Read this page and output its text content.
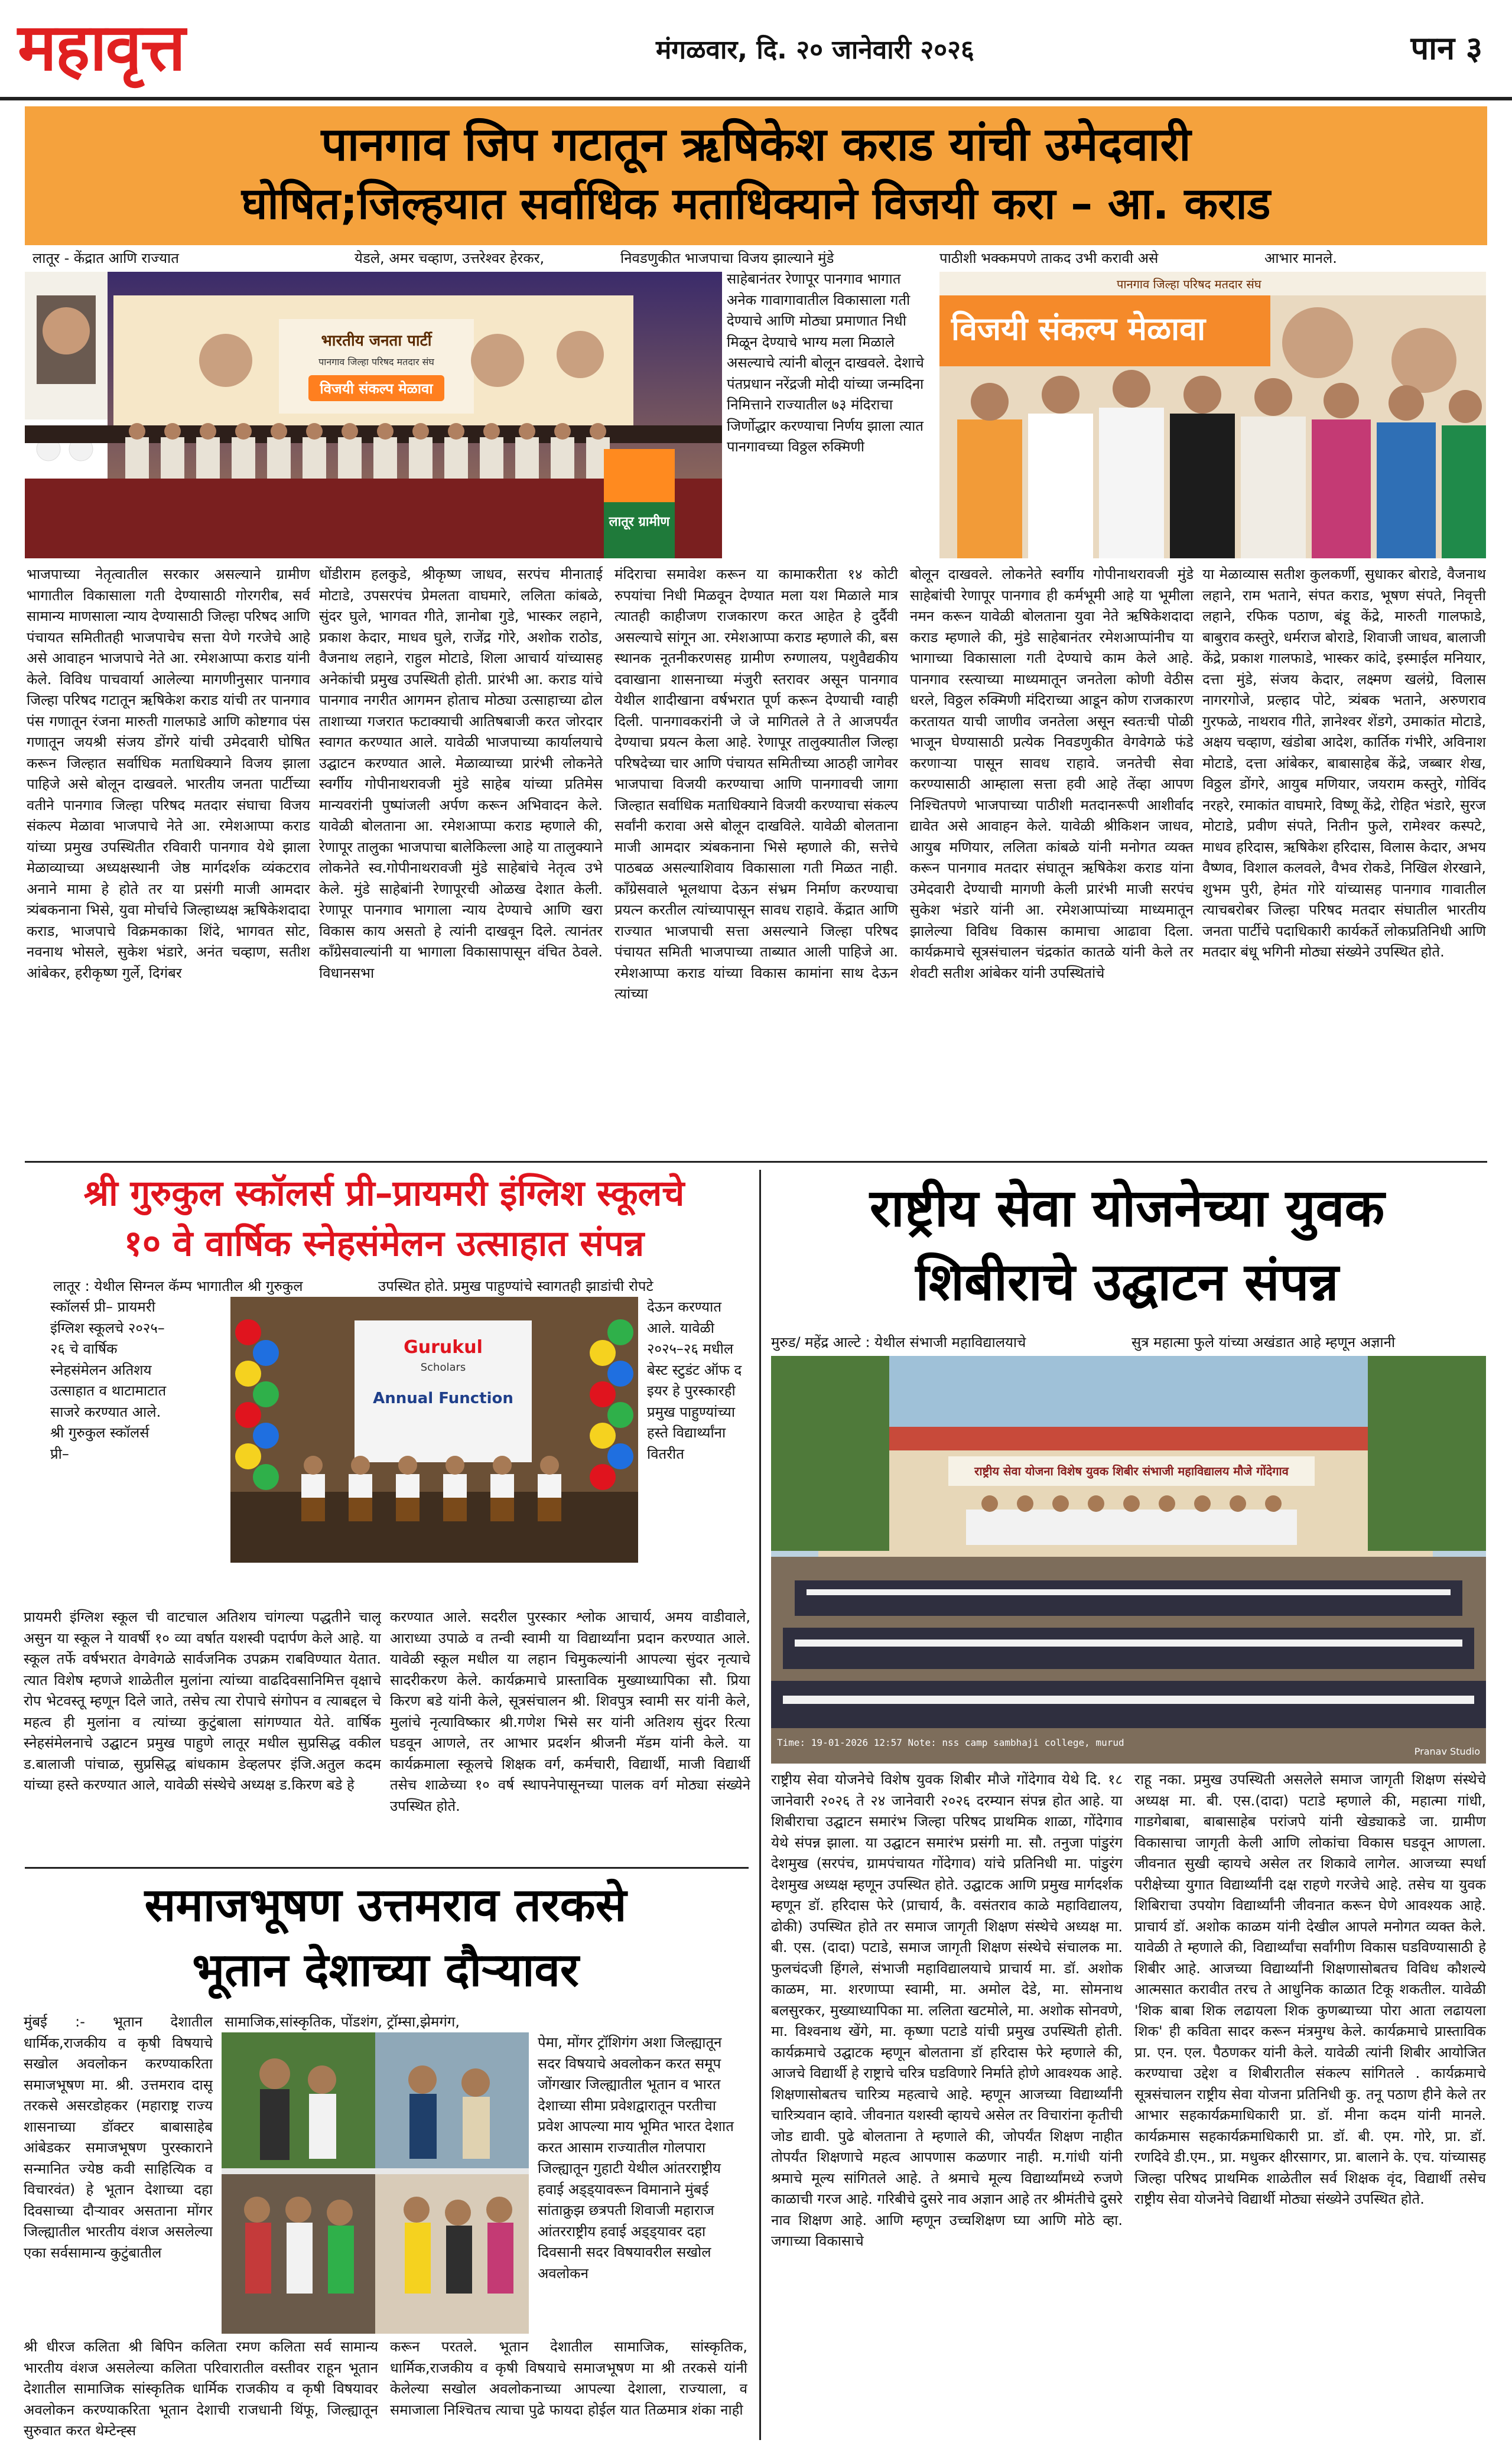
महावृत्त	मंगळवार, दि. २० जानेवारी २०२६	पान ३
पानगाव जिप गटातून ऋषिकेश कराड यांची उमेदवारी
घोषित;जिल्हयात सर्वाधिक मताधिक्याने विजयी करा – आ. कराड
लातूर - केंद्रात आणि राज्यात	येडले, अमर चव्हाण, उत्तरेश्वर हेरकर,	निवडणुकीत भाजपाचा विजय झाल्याने मुंडे
साहेबानंतर रेणापूर पानगाव भागात अनेक गावागावातील विकासाला गती देण्याचे आणि मोठ्या प्रमाणात निधी मिळून देण्याचे भाग्य मला मिळाले असल्याचे त्यांनी बोलून दाखवले. देशाचे पंतप्रधान नरेंद्रजी मोदी यांच्या जन्मदिना निमित्ताने राज्यातील ७३ मंदिराचा जिर्णोद्धार करण्याचा निर्णय झाला त्यात पानगावच्या विठ्ठल रुक्मिणी
पाठीशी भक्कमपणे ताकद उभी करावी असे	आभार मानले.
भारतीय जनता पार्टी
पानगाव जिल्हा परिषद मतदार संघ
विजयी संकल्प मेळावा
लातूर ग्रामीण
पानगाव जिल्हा परिषद मतदार संघ
विजयी संकल्प मेळावा
भाजपाच्या नेतृत्वातील सरकार असल्याने ग्रामीण भागातील विकासाला गती देण्यासाठी गोरगरीब, सर्व सामान्य माणसाला न्याय देण्यासाठी जिल्हा परिषद आणि पंचायत समितीतही भाजपाचेच सत्ता येणे गरजेचे आहे असे आवाहन भाजपाचे नेते आ. रमेशआप्पा कराड यांनी केले. विविध पाचवार्या आलेल्या मागणीनुसार पानगाव जिल्हा परिषद गटातून ऋषिकेश कराड यांची तर पानगाव पंस गणातून रंजना मारुती गालफाडे आणि कोष्टगाव पंस गणातून जयश्री संजय डोंगरे यांची उमेदवारी घोषित करून जिल्हात सर्वाधिक मताधिक्याने विजय झाला पाहिजे असे बोलून दाखवले. भारतीय जनता पार्टीच्या वतीने पानगाव जिल्हा परिषद मतदार संघाचा विजय संकल्प मेळावा भाजपाचे नेते आ. रमेशआप्पा कराड यांच्या प्रमुख उपस्थितीत रविवारी पानगाव येथे झाला मेळाव्याच्या अध्यक्षस्थानी जेष्ठ मार्गदर्शक व्यंकटराव अनाने मामा हे होते तर या प्रसंगी माजी आमदार त्र्यंबकनाना भिसे, युवा मोर्चाचे जिल्हाध्यक्ष ऋषिकेशदादा कराड, भाजपाचे विक्रमकाका शिंदे, भागवत सोट, नवनाथ भोसले, सुकेश भंडारे, अनंत चव्हाण, सतीश आंबेकर, हरीकृष्ण गुर्ले, दिगंबर
धोंडीराम हलकुडे, श्रीकृष्ण जाधव, सरपंच मीनाताई मोटाडे, उपसरपंच प्रेमलता वाघमारे, ललिता कांबळे, सुंदर घुले, भागवत गीते, ज्ञानोबा गुडे, भास्कर लहाने, प्रकाश केदार, माधव घुले, राजेंद्र गोरे, अशोक राठोड, वैजनाथ लहाने, राहुल मोटाडे, शिला आचार्य यांच्यासह अनेकांची प्रमुख उपस्थिती होती. प्रारंभी आ. कराड यांचे पानगाव नगरीत आगमन होताच मोठ्या उत्साहाच्या ढोल ताशाच्या गजरात फटाक्याची आतिषबाजी करत जोरदार स्वागत करण्यात आले. यावेळी भाजपाच्या कार्यालयाचे उद्घाटन करण्यात आले. मेळाव्याच्या प्रारंभी लोकनेते स्वर्गीय गोपीनाथरावजी मुंडे साहेब यांच्या प्रतिमेस मान्यवरांनी पुष्पांजली अर्पण करून अभिवादन केले. यावेळी बोलताना आ. रमेशआप्पा कराड म्हणाले की, रेणापूर तालुका भाजपाचा बालेकिल्ला आहे या तालुक्याने लोकनेते स्व.गोपीनाथरावजी मुंडे साहेबांचे नेतृत्व उभे केले. मुंडे साहेबांनी रेणापूरची ओळख देशात केली. रेणापूर पानगाव भागाला न्याय देण्याचे आणि खरा विकास काय असतो हे त्यांनी दाखवून दिले. त्यानंतर काँग्रेसवाल्यांनी या भागाला विकासापासून वंचित ठेवले. विधानसभा
मंदिराचा समावेश करून या कामाकरीता १४ कोटी रुपयांचा निधी मिळवून देण्यात मला यश मिळाले मात्र त्यातही काहीजण राजकारण करत आहेत हे दुर्दैवी असल्याचे सांगून आ. रमेशआप्पा कराड म्हणाले की, बस स्थानक नूतनीकरणसह ग्रामीण रुग्णालय, पशुवैद्यकीय दवाखाना शासनाच्या मंजुरी स्तरावर असून पानगाव येथील शादीखाना वर्षभरात पूर्ण करून देण्याची ग्वाही दिली. पानगावकरांनी जे जे मागितले ते ते आजपर्यंत देण्याचा प्रयत्न केला आहे. रेणापूर तालुक्यातील जिल्हा परिषदेच्या चार आणि पंचायत समितीच्या आठही जागेवर भाजपाचा विजयी करण्याचा आणि पानगावची जागा जिल्हात सर्वाधिक मताधिक्याने विजयी करण्याचा संकल्प सर्वांनी करावा असे बोलून दाखविले. यावेळी बोलताना माजी आमदार त्र्यंबकनाना भिसे म्हणाले की, सत्तेचे पाठबळ असल्याशिवाय विकासाला गती मिळत नाही. काँग्रेसवाले भूलथापा देऊन संभ्रम निर्माण करण्याचा प्रयत्न करतील त्यांच्यापासून सावध राहावे. केंद्रात आणि राज्यात भाजपाची सत्ता असल्याने जिल्हा परिषद पंचायत समिती भाजपाच्या ताब्यात आली पाहिजे आ. रमेशआप्पा कराड यांच्या विकास कामांना साथ देऊन त्यांच्या
बोलून दाखवले. लोकनेते स्वर्गीय गोपीनाथरावजी मुंडे साहेबांची रेणापूर पानगाव ही कर्मभूमी आहे या भूमीला नमन करून यावेळी बोलताना युवा नेते ऋषिकेशदादा कराड म्हणाले की, मुंडे साहेबानंतर रमेशआप्पांनीच या भागाच्या विकासाला गती देण्याचे काम केले आहे. पानगाव रस्त्याच्या माध्यमातून जनतेला कोणी वेठीस धरले, विठ्ठल रुक्मिणी मंदिराच्या आडून कोण राजकारण करतायत याची जाणीव जनतेला असून स्वतःची पोळी भाजून घेण्यासाठी प्रत्येक निवडणुकीत वेगवेगळे फंडे करणाऱ्या पासून सावध राहावे. जनतेची सेवा करण्यासाठी आम्हाला सत्ता हवी आहे तेंव्हा आपण निश्चितपणे भाजपाच्या पाठीशी मतदानरूपी आशीर्वाद द्यावेत असे आवाहन केले. यावेळी श्रीकिशन जाधव, आयुब मणियार, ललिता कांबळे यांनी मनोगत व्यक्त करून पानगाव मतदार संघातून ऋषिकेश कराड यांना उमेदवारी देण्याची मागणी केली प्रारंभी माजी सरपंच सुकेश भंडारे यांनी आ. रमेशआप्पांच्या माध्यमातून झालेल्या विविध विकास कामाचा आढावा दिला. कार्यक्रमाचे सूत्रसंचालन चंद्रकांत कातळे यांनी केले तर शेवटी सतीश आंबेकर यांनी उपस्थितांचे
या मेळाव्यास सतीश कुलकर्णी, सुधाकर बोराडे, वैजनाथ लहाने, राम भताने, संपत कराड, भूषण संपते, निवृत्ती लहाने, रफिक पठाण, बंडू केंद्रे, मारुती गालफाडे, बाबुराव कस्तुरे, धर्मराज बोराडे, शिवाजी जाधव, बालाजी केंद्रे, प्रकाश गालफाडे, भास्कर कांदे, इस्माईल मनियार, दत्ता मुंडे, संजय केदार, लक्ष्मण खलंग्रे, विलास नागरगोजे, प्रल्हाद पोटे, त्र्यंबक भताने, अरुणराव गुरफळे, नाथराव गीते, ज्ञानेश्वर शेंडगे, उमाकांत मोटाडे, अक्षय चव्हाण, खंडोबा आदेश, कार्तिक गंभीरे, अविनाश मोटाडे, दत्ता आंबेकर, बाबासाहेब केंद्रे, जब्बार शेख, विठ्ठल डोंगरे, आयुब मणियार, जयराम कस्तुरे, गोविंद नरहरे, रमाकांत वाघमारे, विष्णू केंद्रे, रोहित भंडारे, सुरज मोटाडे, प्रवीण संपते, नितीन फुले, रामेश्वर कस्पटे, माधव हरिदास, ऋषिकेश हरिदास, विलास केदार, अभय वैष्णव, विशाल कलवले, वैभव रोकडे, निखिल शेरखाने, शुभम पुरी, हेमंत गोरे यांच्यासह पानगाव गावातील त्याचबरोबर जिल्हा परिषद मतदार संघातील भारतीय जनता पार्टीचे पदाधिकारी कार्यकर्ते लोकप्रतिनिधी आणि मतदार बंधू भगिनी मोठ्या संख्येने उपस्थित होते.
श्री गुरुकुल स्कॉलर्स प्री–प्रायमरी इंग्लिश स्कूलचे
१० वे वार्षिक स्नेहसंमेलन उत्साहात संपन्न
लातूर : येथील सिग्नल कॅम्प भागातील श्री गुरुकुल	उपस्थित होते. प्रमुख पाहुण्यांचे स्वागतही झाडांची रोपटे
स्कॉलर्स प्री– प्रायमरी इंग्लिश स्कूलचे २०२५– २६ चे वार्षिक स्नेहसंमेलन अतिशय उत्साहात व थाटामाटात साजरे करण्यात आले. श्री गुरुकुल स्कॉलर्स प्री–
देऊन करण्यात आले. यावेळी २०२५–२६ मधील बेस्ट स्टुडंट ऑफ द इयर हे पुरस्कारही प्रमुख पाहुण्यांच्या हस्ते विद्यार्थ्यांना वितरीत
Gurukul
Scholars
Annual Function
प्रायमरी इंग्लिश स्कूल ची वाटचाल अतिशय चांगल्या पद्धतीने चालू असुन या स्कूल ने यावर्षी १० व्या वर्षात यशस्वी पदार्पण केले आहे. या स्कूल तर्फे वर्षभरात वेगवेगळे सार्वजनिक उपक्रम राबविण्यात येतात. त्यात विशेष म्हणजे शाळेतील मुलांना त्यांच्या वाढदिवसानिमित्त वृक्षाचे रोप भेटवस्तू म्हणून दिले जाते, तसेच त्या रोपाचे संगोपन व त्याबद्दल चे महत्व ही मुलांना व त्यांच्या कुटुंबाला सांगण्यात येते. वार्षिक स्नेहसंमेलनाचे उद्घाटन प्रमुख पाहुणे लातूर मधील सुप्रसिद्ध वकील ड.बालाजी पांचाळ, सुप्रसिद्ध बांधकाम डेव्हलपर इंजि.अतुल कदम यांच्या हस्ते करण्यात आले, यावेळी संस्थेचे अध्यक्ष ड.किरण बडे हे
करण्यात आले. सदरील पुरस्कार श्लोक आचार्य, अमय वाडीवाले, आराध्या उपाळे व तन्वी स्वामी या विद्यार्थ्यांना प्रदान करण्यात आले. यावेळी स्कूल मधील या लहान चिमुकल्यांनी आपल्या सुंदर नृत्याचे सादरीकरण केले. कार्यक्रमाचे प्रास्ताविक मुख्याध्यापिका सौ. प्रिया किरण बडे यांनी केले, सूत्रसंचालन श्री. शिवपुत्र स्वामी सर यांनी केले, मुलांचे नृत्याविष्कार श्री.गणेश भिसे सर यांनी अतिशय सुंदर रित्या घडवून आणले, तर आभार प्रदर्शन श्रीजनी मॅडम यांनी केले. या कार्यक्रमाला स्कूलचे शिक्षक वर्ग, कर्मचारी, विद्यार्थी, माजी विद्यार्थी तसेच शाळेच्या १० वर्ष स्थापनेपासूनच्या पालक वर्ग मोठ्या संख्येने उपस्थित होते.
समाजभूषण उत्तमराव तरकसे
भूतान देशाच्या दौऱ्यावर
मुंबई :- भूतान देशातील धार्मिक,राजकीय व कृषी विषयाचे सखोल अवलोकन करण्याकरिता समाजभूषण मा. श्री. उत्तमराव दासू तरकसे असरडोहकर (महाराष्ट्र राज्य शासनाच्या डॉक्टर बाबासाहेब आंबेडकर समाजभूषण पुरस्काराने सन्मानित ज्येष्ठ कवी साहित्यिक व विचारवंत) हे भूतान देशाच्या दहा दिवसाच्या दौऱ्यावर असताना मोंगर जिल्ह्यातील भारतीय वंशज असलेल्या एका सर्वसामान्य कुटुंबातील
सामाजिक,सांस्कृतिक, पोंडशंग, ट्रॉम्सा,झेमगंग,
पेमा, मोंगर ट्रॉशिगंग अशा जिल्ह्यातून सदर विषयाचे अवलोकन करत समूप जोंगखार जिल्ह्यातील भूतान व भारत देशाच्या सीमा प्रवेशद्वारातून परतीचा प्रवेश आपल्या माय भूमित भारत देशात करत आसाम राज्यातील गोलपारा जिल्ह्यातून गुहाटी येथील आंतरराष्ट्रीय हवाई अड्ड्यावरून विमानाने मुंबई सांताक्रुझ छत्रपती शिवाजी महाराज आंतरराष्ट्रीय हवाई अड्ड्यावर दहा दिवसानी सदर विषयावरील सखोल अवलोकन
श्री धीरज कलिता श्री बिपिन कलिता रमण कलिता सर्व सामान्य भारतीय वंशज असलेल्या कलिता परिवारातील वस्तीवर राहून भूतान देशातील सामाजिक सांस्कृतिक धार्मिक राजकीय व कृषी विषयावर अवलोकन करण्याकरिता भूतान देशाची राजधानी थिंफू, जिल्ह्यातून सुरुवात करत थेम्टेन्ह्स
करून परतले. भूतान देशातील सामाजिक, सांस्कृतिक, धार्मिक,राजकीय व कृषी विषयाचे समाजभूषण मा श्री तरकसे यांनी केलेल्या सखोल अवलोकनाच्या आपल्या देशाला, राज्याला, व समाजाला निश्चितच त्याचा पुढे फायदा होईल यात तिळमात्र शंका नाही
राष्ट्रीय सेवा योजनेच्या युवक
शिबीराचे उद्घाटन संपन्न
मुरुड/ महेंद्र आल्टे : येथील संभाजी महाविद्यालयाचे	सुत्र महात्मा फुले यांच्या अखंडात आहे म्हणून अज्ञानी
राष्ट्रीय सेवा योजना विशेष युवक शिबीर संभाजी महाविद्यालय मौजे गोंदेगाव
Time: 19-01-2026 12:57 Note: nss camp sambhaji college, murud
Pranav Studio
राष्ट्रीय सेवा योजनेचे विशेष युवक शिबीर मौजे गोंदेगाव येथे दि. १८ जानेवारी २०२६ ते २४ जानेवारी २०२६ दरम्यान संपन्न होत आहे. या शिबीराचा उद्घाटन समारंभ जिल्हा परिषद प्राथमिक शाळा, गोंदेगाव येथे संपन्न झाला. या उद्घाटन समारंभ प्रसंगी मा. सौ. तनुजा पांडुरंग देशमुख (सरपंच, ग्रामपंचायत गोंदेगाव) यांचे प्रतिनिधी मा. पांडुरंग देशमुख अध्यक्ष म्हणून उपस्थित होते. उद्घाटक आणि प्रमुख मार्गदर्शक म्हणून डॉ. हरिदास फेरे (प्राचार्य, कै. वसंतराव काळे महाविद्यालय, ढोकी) उपस्थित होते तर समाज जागृती शिक्षण संस्थेचे अध्यक्ष मा. बी. एस. (दादा) पटाडे, समाज जागृती शिक्षण संस्थेचे संचालक मा. फुलचंदजी हिंगले, संभाजी महाविद्यालयाचे प्राचार्य मा. डॉ. अशोक काळम, मा. शरणाप्पा स्वामी, मा. अमोल देडे, मा. सोमनाथ बलसुरकर, मुख्याध्यापिका मा. ललिता खटमोले, मा. अशोक सोनवणे, मा. विश्वनाथ खेंगे, मा. कृष्णा पटाडे यांची प्रमुख उपस्थिती होती. कार्यक्रमाचे उद्घाटक म्हणून बोलताना डॉ हरिदास फेरे म्हणाले की, आजचे विद्यार्थी हे राष्ट्राचे चरित्र घडविणारे निर्माते होणे आवश्यक आहे. शिक्षणासोबतच चारित्र्य महत्वाचे आहे. म्हणून आजच्या विद्यार्थ्यांनी चारित्र्यवान व्हावे. जीवनात यशस्वी व्हायचे असेल तर विचारांना कृतीची जोड द्यावी. पुढे बोलताना ते म्हणाले की, जोपर्यंत शिक्षण नाहीत तोपर्यंत शिक्षणाचे महत्व आपणास कळणार नाही. म.गांधी यांनी श्रमाचे मूल्य सांगितले आहे. ते श्रमाचे मूल्य विद्यार्थ्यांमध्ये रुजणे काळाची गरज आहे. गरिबीचे दुसरे नाव अज्ञान आहे तर श्रीमंतीचे दुसरे नाव शिक्षण आहे. आणि म्हणून उच्चशिक्षण घ्या आणि मोठे व्हा. जगाच्या विकासाचे
राहू नका. प्रमुख उपस्थिती असलेले समाज जागृती शिक्षण संस्थेचे अध्यक्ष मा. बी. एस.(दादा) पटाडे म्हणाले की, महात्मा गांधी, गाडगेबाबा, बाबासाहेब परांजपे यांनी खेड्याकडे जा. ग्रामीण विकासाचा जागृती केली आणि लोकांचा विकास घडवून आणला. जीवनात सुखी व्हायचे असेल तर शिकावे लागेल. आजच्या स्पर्धा परीक्षेच्या युगात विद्यार्थ्यांनी दक्ष राहणे गरजेचे आहे. तसेच या युवक शिबिराचा उपयोग विद्यार्थ्यांनी जीवनात करून घेणे आवश्यक आहे. प्राचार्य डॉ. अशोक काळम यांनी देखील आपले मनोगत व्यक्त केले. यावेळी ते म्हणाले की, विद्यार्थ्यांचा सर्वांगीण विकास घडविण्यासाठी हे शिबीर आहे. आजच्या विद्यार्थ्यांनी शिक्षणासोबतच विविध कौशल्ये आत्मसात करावीत तरच ते आधुनिक काळात टिकू शकतील. यावेळी 'शिक बाबा शिक लढायला शिक कुणब्याच्या पोरा आता लढायला शिक' ही कविता सादर करून मंत्रमुग्ध केले. कार्यक्रमाचे प्रास्ताविक प्रा. एन. एल. पैठणकर यांनी केले. यावेळी त्यांनी शिबीर आयोजित करण्याचा उद्देश व शिबीरातील संकल्प सांगितले . कार्यक्रमाचे सूत्रसंचालन राष्ट्रीय सेवा योजना प्रतिनिधी कु. तनू पठाण हीने केले तर आभार सहकार्यक्रमाधिकारी प्रा. डॉ. मीना कदम यांनी मानले. कार्यक्रमास सहकार्यक्रमाधिकारी प्रा. डॉ. बी. एम. गोरे, प्रा. डॉ. रणदिवे डी.एम., प्रा. मधुकर क्षीरसागर, प्रा. बालाने के. एच. यांच्यासह जिल्हा परिषद प्राथमिक शाळेतील सर्व शिक्षक वृंद, विद्यार्थी तसेच राष्ट्रीय सेवा योजनेचे विद्यार्थी मोठ्या संख्येने उपस्थित होते.
